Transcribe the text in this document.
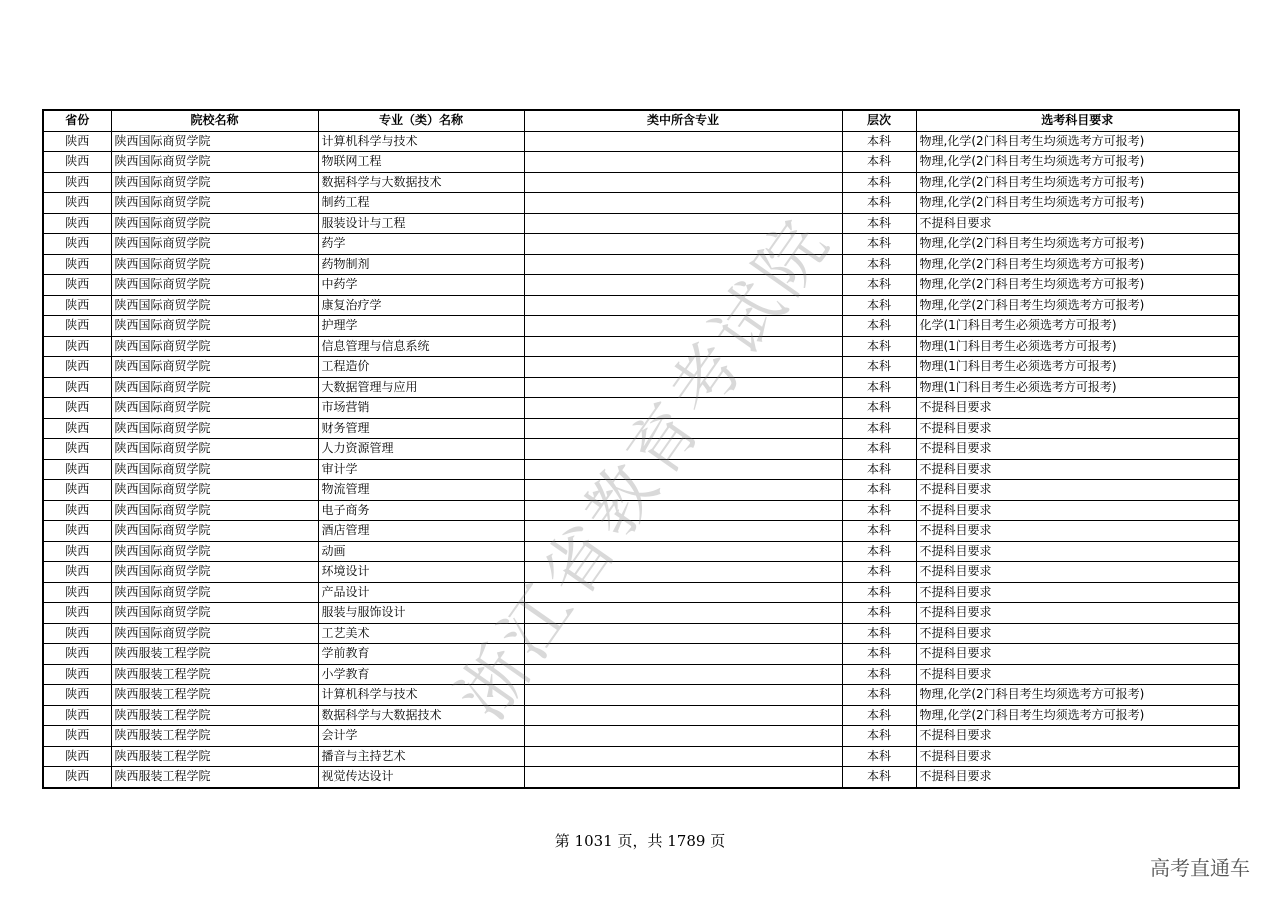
省份	院校名称	专业（类）名称	类中所含专业	层次	选考科目要求
陕西	陕西国际商贸学院	计算机科学与技术		本科	物理,化学(2门科目考生均须选考方可报考)
陕西	陕西国际商贸学院	物联网工程		本科	物理,化学(2门科目考生均须选考方可报考)
陕西	陕西国际商贸学院	数据科学与大数据技术		本科	物理,化学(2门科目考生均须选考方可报考)
陕西	陕西国际商贸学院	制药工程		本科	物理,化学(2门科目考生均须选考方可报考)
陕西	陕西国际商贸学院	服装设计与工程		本科	不提科目要求
陕西	陕西国际商贸学院	药学		本科	物理,化学(2门科目考生均须选考方可报考)
陕西	陕西国际商贸学院	药物制剂		本科	物理,化学(2门科目考生均须选考方可报考)
陕西	陕西国际商贸学院	中药学		本科	物理,化学(2门科目考生均须选考方可报考)
陕西	陕西国际商贸学院	康复治疗学		本科	物理,化学(2门科目考生均须选考方可报考)
陕西	陕西国际商贸学院	护理学		本科	化学(1门科目考生必须选考方可报考)
陕西	陕西国际商贸学院	信息管理与信息系统		本科	物理(1门科目考生必须选考方可报考)
陕西	陕西国际商贸学院	工程造价		本科	物理(1门科目考生必须选考方可报考)
陕西	陕西国际商贸学院	大数据管理与应用		本科	物理(1门科目考生必须选考方可报考)
陕西	陕西国际商贸学院	市场营销		本科	不提科目要求
陕西	陕西国际商贸学院	财务管理		本科	不提科目要求
陕西	陕西国际商贸学院	人力资源管理		本科	不提科目要求
陕西	陕西国际商贸学院	审计学		本科	不提科目要求
陕西	陕西国际商贸学院	物流管理		本科	不提科目要求
陕西	陕西国际商贸学院	电子商务		本科	不提科目要求
陕西	陕西国际商贸学院	酒店管理		本科	不提科目要求
陕西	陕西国际商贸学院	动画		本科	不提科目要求
陕西	陕西国际商贸学院	环境设计		本科	不提科目要求
陕西	陕西国际商贸学院	产品设计		本科	不提科目要求
陕西	陕西国际商贸学院	服装与服饰设计		本科	不提科目要求
陕西	陕西国际商贸学院	工艺美术		本科	不提科目要求
陕西	陕西服装工程学院	学前教育		本科	不提科目要求
陕西	陕西服装工程学院	小学教育		本科	不提科目要求
陕西	陕西服装工程学院	计算机科学与技术		本科	物理,化学(2门科目考生均须选考方可报考)
陕西	陕西服装工程学院	数据科学与大数据技术		本科	物理,化学(2门科目考生均须选考方可报考)
陕西	陕西服装工程学院	会计学		本科	不提科目要求
陕西	陕西服装工程学院	播音与主持艺术		本科	不提科目要求
陕西	陕西服装工程学院	视觉传达设计		本科	不提科目要求
浙江省教育考试院
第 1031 页，共 1789 页
高考直通车
